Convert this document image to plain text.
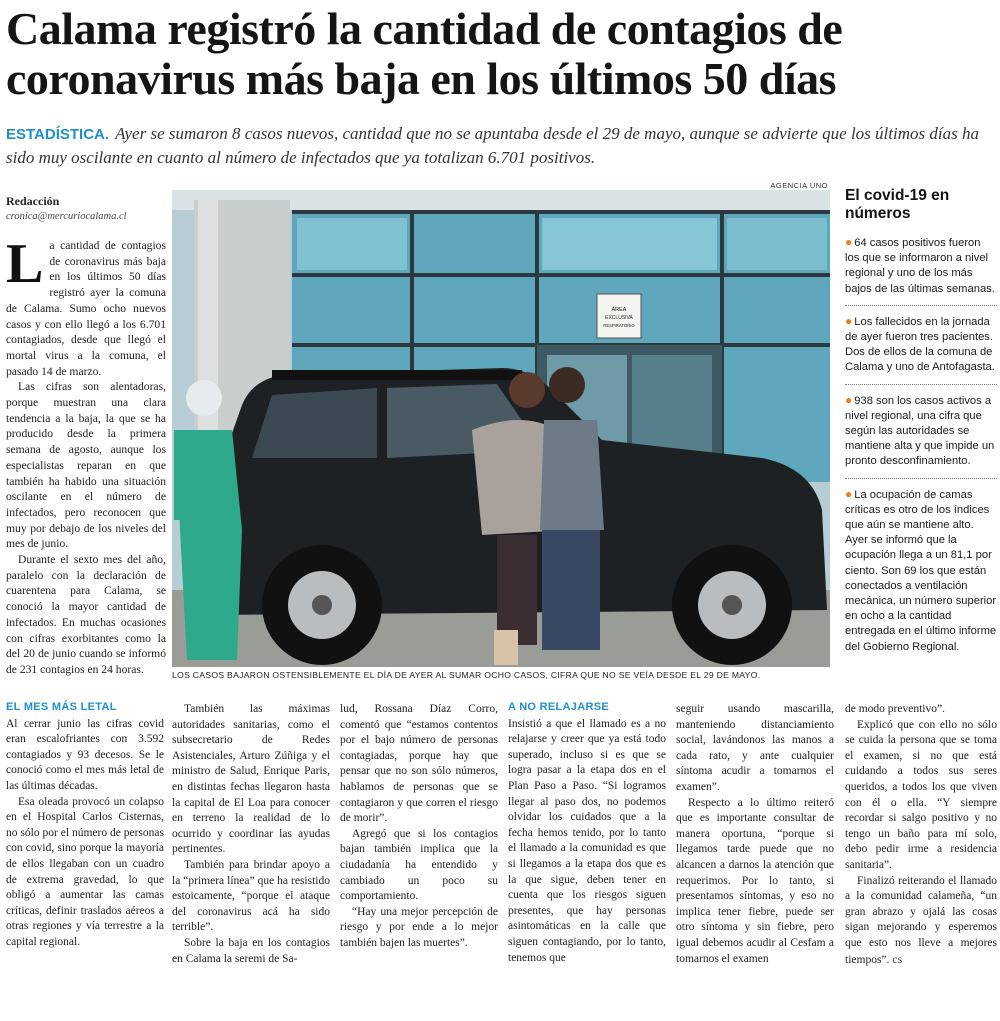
Calama registró la cantidad de contagios de coronavirus más baja en los últimos 50 días
ESTADÍSTICA. Ayer se sumaron 8 casos nuevos, cantidad que no se apuntaba desde el 29 de mayo, aunque se advierte que los últimos días ha sido muy oscilante en cuanto al número de infectados que ya totalizan 6.701 positivos.
Redacción
cronica@mercuriocalama.cl

La cantidad de contagios de coronavirus más baja en los últimos 50 días registró ayer la comuna de Calama. Sumo ocho nuevos casos y con ello llegó a los 6.701 contagiados, desde que llegó el mortal virus a la comuna, el pasado 14 de marzo.

Las cifras son alentadoras, porque muestran una clara tendencia a la baja, la que se ha producido desde la primera semana de agosto, aunque los especialistas reparan en que también ha habido una situación oscilante en el número de infectados, pero reconocen que muy por debajo de los niveles del mes de junio.

Durante el sexto mes del año, paralelo con la declaración de cuarentena para Calama, se conoció la mayor cantidad de infectados. En muchas ocasiones con cifras exorbitantes como la del 20 de junio cuando se informó de 231 contagios en 24 horas.

AGENCIA UNO
ÁREA
EXCLUSIVA
RESPIRATORIO
LOS CASOS BAJARON OSTENSIBLEMENTE EL DÍA DE AYER AL SUMAR OCHO CASOS, CIFRA QUE NO SE VEÍA DESDE EL 29 DE MAYO.
El covid-19 en números
● 64 casos positivos fueron los que se informaron a nivel regional y uno de los más bajos de las últimas semanas.
● Los fallecidos en la jornada de ayer fueron tres pacientes. Dos de ellos de la comuna de Calama y uno de Antofagasta.
● 938 son los casos activos a nivel regional, una cifra que según las autoridades se mantiene alta y que impide un pronto desconfinamiento.
● La ocupación de camas críticas es otro de los índices que aún se mantiene alto. Ayer se informó que la ocupación llega a un 81,1 por ciento. Son 69 los que están conectados a ventilación mecánica, un número superior en ocho a la cantidad entregada en el último informe del Gobierno Regional.
EL MES MÁS LETAL

Al cerrar junio las cifras covid eran escalofriantes con 3.592 contagiados y 93 decesos. Se le conoció como el mes más letal de las últimas décadas.

Esa oleada provocó un colapso en el Hospital Carlos Cisternas, no sólo por el número de personas con covid, sino porque la mayoría de ellos llegaban con un cuadro de extrema gravedad, lo que obligó a aumentar las camas críticas, definir traslados aéreos a otras regiones y vía terrestre a la capital regional.

También las máximas autoridades sanitarias, como el subsecretario de Redes Asistenciales, Arturo Zúñiga y el ministro de Salud, Enrique Paris, en distintas fechas llegaron hasta la capital de El Loa para conocer en terreno la realidad de lo ocurrido y coordinar las ayudas pertinentes.

También para brindar apoyo a la “primera línea” que ha resistido estoicamente, “porque el ataque del coronavirus acá ha sido terrible”.

Sobre la baja en los contagios en Calama la seremi de Sa-

lud, Rossana Díaz Corro, comentó que “estamos contentos por el bajo número de personas contagiadas, porque hay que pensar que no son sólo números, hablamos de personas que se contagiaron y que corren el riesgo de morir”.

Agregó que si los contagios bajan también implica que la ciudadanía ha entendido y cambiado un poco su comportamiento.

“Hay una mejor percepción de riesgo y por ende a lo mejor también bajen las muertes”.

A NO RELAJARSE

Insistió a que el llamado es a no relajarse y creer que ya está todo superado, incluso si es que se logra pasar a la etapa dos en el Plan Paso a Paso. “Si logramos llegar al paso dos, no podemos olvidar los cuidados que a la fecha hemos tenido, por lo tanto el llamado a la comunidad es que si llegamos a la etapa dos que es la que sigue, deben tener en cuenta que los riesgos siguen presentes, que hay personas asintomáticas en la calle que siguen contagiando, por lo tanto, tenemos que

seguir usando mascarilla, manteniendo distanciamiento social, lavándonos las manos a cada rato, y ante cualquier síntoma acudir a tomarnos el examen”.

Respecto a lo último reiteró que es importante consultar de manera oportuna, “porque si llegamos tarde puede que no alcancen a darnos la atención que requerimos. Por lo tanto, si presentamos síntomas, y eso no implica tener fiebre, puede ser otro síntoma y sin fiebre, pero igual debemos acudir al Cesfam a tomarnos el examen

de modo preventivo”.

Explicó que con ello no sólo se cuida la persona que se toma el examen, si no que está cuidando a todos sus seres queridos, a todos los que viven con él o ella. “Y siempre recordar si salgo positivo y no tengo un baño para mí solo, debo pedir irme a residencia sanitaria”.

Finalizó reiterando el llamado a la comunidad calameña, “un gran abrazo y ojalá las cosas sigan mejorando y esperemos que esto nos lleve a mejores tiempos”. cs
